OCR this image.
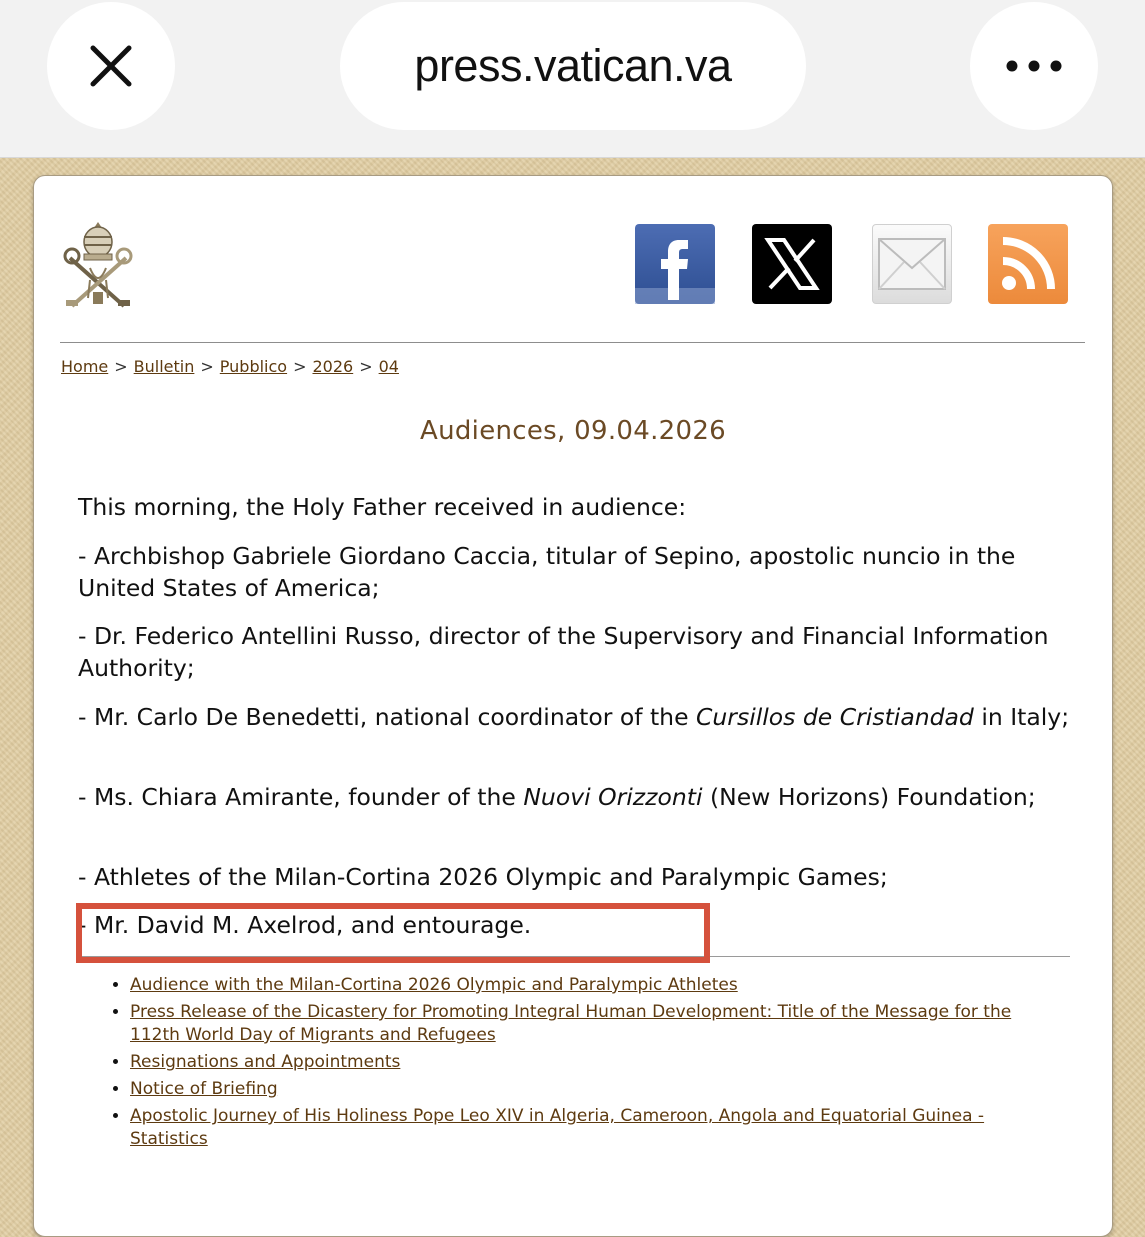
press.vatican.va
Home > Bulletin > Pubblico > 2026 > 04
Audiences, 09.04.2026
This morning, the Holy Father received in audience:
- Archbishop Gabriele Giordano Caccia, titular of Sepino, apostolic nuncio in the United States of America;
- Dr. Federico Antellini Russo, director of the Supervisory and Financial Information Authority;
- Mr. Carlo De Benedetti, national coordinator of the Cursillos de Cristiandad in Italy;
- Ms. Chiara Amirante, founder of the Nuovi Orizzonti (New Horizons) Foundation;
- Athletes of the Milan-Cortina 2026 Olympic and Paralympic Games;
- Mr. David M. Axelrod, and entourage.
• Audience with the Milan-Cortina 2026 Olympic and Paralympic Athletes
• Press Release of the Dicastery for Promoting Integral Human Development: Title of the Message for the 112th World Day of Migrants and Refugees
• Resignations and Appointments
• Notice of Briefing
• Apostolic Journey of His Holiness Pope Leo XIV in Algeria, Cameroon, Angola and Equatorial Guinea - Statistics
